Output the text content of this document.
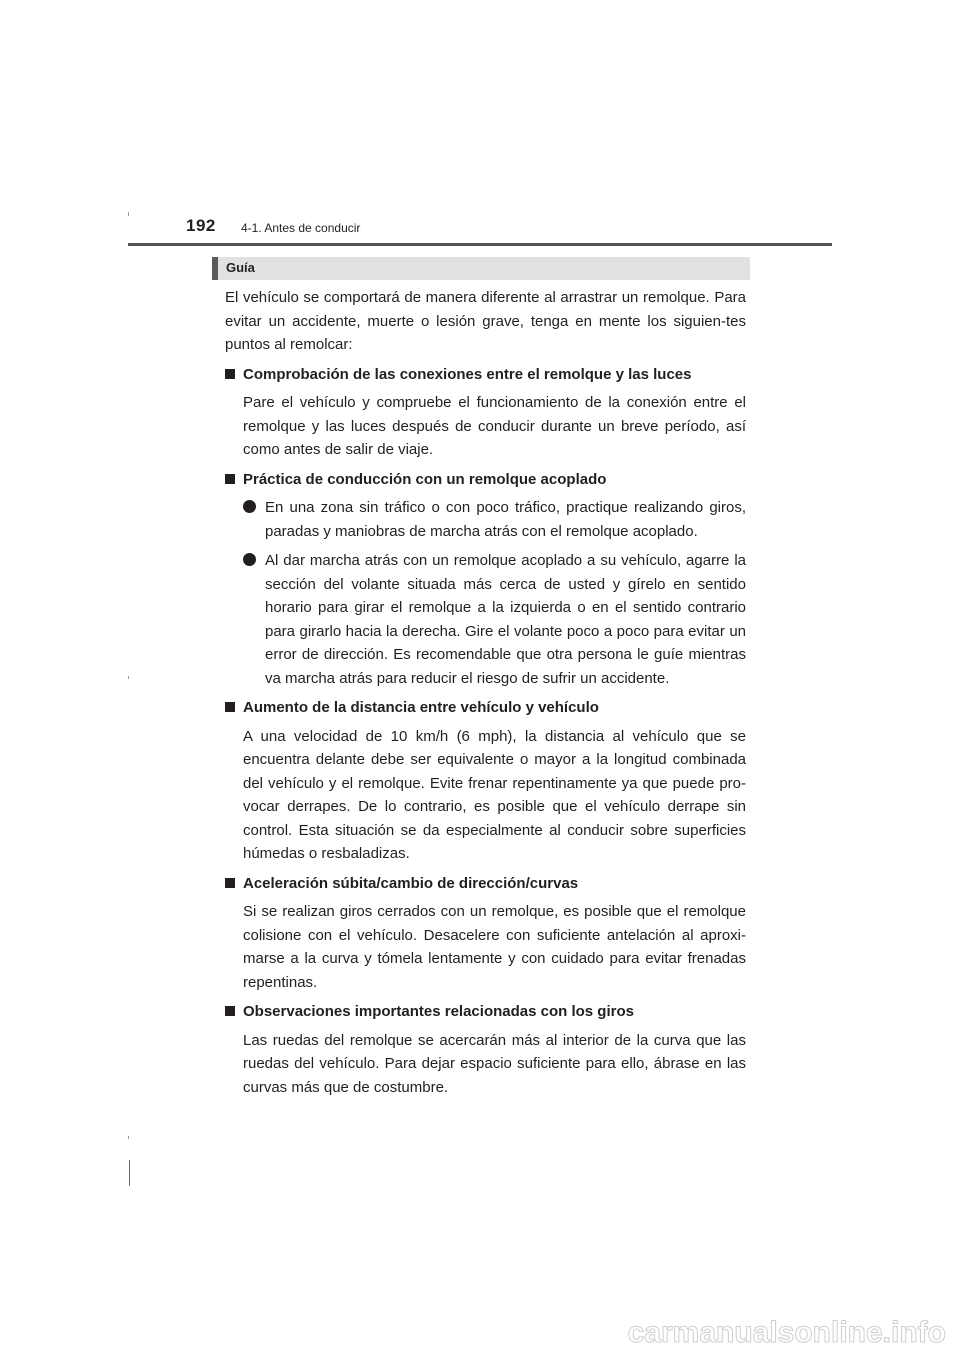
192 4-1. Antes de conducir
Guía

El vehículo se comportará de manera diferente al arrastrar un remolque. Para evitar un accidente, muerte o lesión grave, tenga en mente los siguien-tes puntos al remolcar:

Comprobación de las conexiones entre el remolque y las luces

Pare el vehículo y compruebe el funcionamiento de la conexión entre el remolque y las luces después de conducir durante un breve período, así como antes de salir de viaje.

Práctica de conducción con un remolque acoplado

En una zona sin tráfico o con poco tráfico, practique realizando giros, paradas y maniobras de marcha atrás con el remolque acoplado.
Al dar marcha atrás con un remolque acoplado a su vehículo, agarre la sección del volante situada más cerca de usted y gírelo en sentido horario para girar el remolque a la izquierda o en el sentido contrario para girarlo hacia la derecha. Gire el volante poco a poco para evitar un error de dirección. Es recomendable que otra persona le guíe mientras va marcha atrás para reducir el riesgo de sufrir un accidente.

Aumento de la distancia entre vehículo y vehículo

A una velocidad de 10 km/h (6 mph), la distancia al vehículo que se encuentra delante debe ser equivalente o mayor a la longitud combinada del vehículo y el remolque. Evite frenar repentinamente ya que puede pro-vocar derrapes. De lo contrario, es posible que el vehículo derrape sin control. Esta situación se da especialmente al conducir sobre superficies húmedas o resbaladizas.

Aceleración súbita/cambio de dirección/curvas

Si se realizan giros cerrados con un remolque, es posible que el remolque colisione con el vehículo. Desacelere con suficiente antelación al aproxi-marse a la curva y tómela lentamente y con cuidado para evitar frenadas repentinas.

Observaciones importantes relacionadas con los giros

Las ruedas del remolque se acercarán más al interior de la curva que las ruedas del vehículo. Para dejar espacio suficiente para ello, ábrase en las curvas más que de costumbre.

carmanualsonline.info
